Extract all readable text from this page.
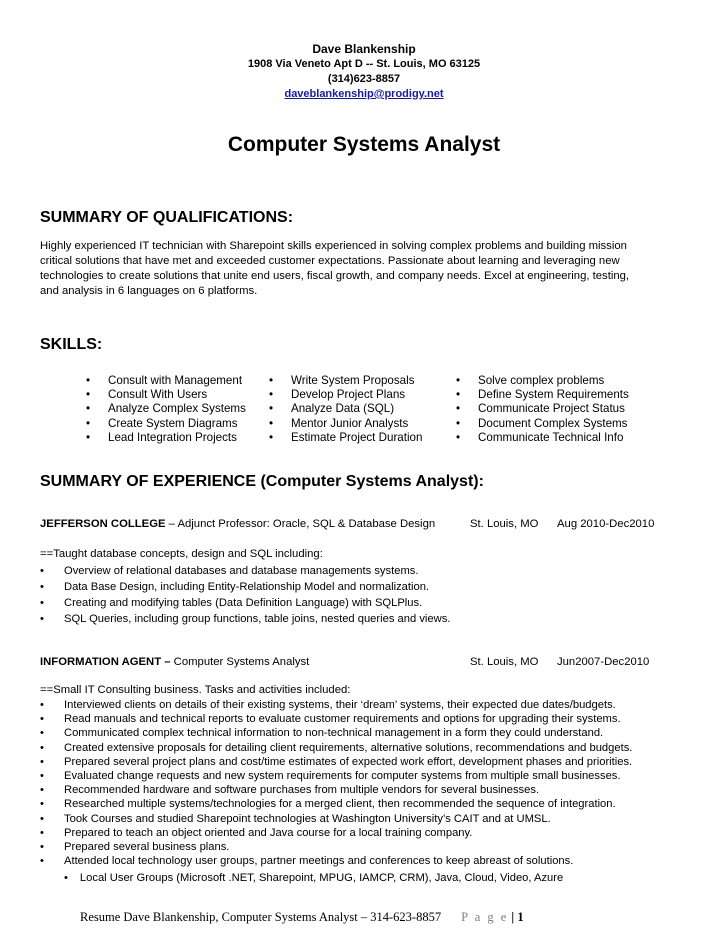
Dave Blankenship
1908 Via Veneto Apt D -- St. Louis, MO 63125
(314)623-8857
daveblankenship@prodigy.net
Computer Systems Analyst
SUMMARY OF QUALIFICATIONS:
Highly experienced IT technician with Sharepoint skills experienced in solving complex problems and building mission
critical solutions that have met and exceeded customer expectations. Passionate about learning and leveraging new
technologies to create solutions that unite end users, fiscal growth, and company needs. Excel at engineering, testing,
and analysis in 6 languages on 6 platforms.
SKILLS:
• Consult with Management
• Consult With Users
• Analyze Complex Systems
• Create System Diagrams
• Lead Integration Projects
• Write System Proposals
• Develop Project Plans
• Analyze Data (SQL)
• Mentor Junior Analysts
• Estimate Project Duration
• Solve complex problems
• Define System Requirements
• Communicate Project Status
• Document Complex Systems
• Communicate Technical Info
SUMMARY OF EXPERIENCE (Computer Systems Analyst):
JEFFERSON COLLEGE – Adjunct Professor: Oracle, SQL & Database Design	St. Louis, MO Aug 2010-Dec2010
==Taught database concepts, design and SQL including:
• Overview of relational databases and database managements systems.
• Data Base Design, including Entity-Relationship Model and normalization.
• Creating and modifying tables (Data Definition Language) with SQLPlus.
• SQL Queries, including group functions, table joins, nested queries and views.
INFORMATION AGENT – Computer Systems Analyst	St. Louis, MO Jun2007-Dec2010
==Small IT Consulting business. Tasks and activities included:
• Interviewed clients on details of their existing systems, their ‘dream’ systems, their expected due dates/budgets.
• Read manuals and technical reports to evaluate customer requirements and options for upgrading their systems.
• Communicated complex technical information to non-technical management in a form they could understand.
• Created extensive proposals for detailing client requirements, alternative solutions, recommendations and budgets.
• Prepared several project plans and cost/time estimates of expected work effort, development phases and priorities.
• Evaluated change requests and new system requirements for computer systems from multiple small businesses.
• Recommended hardware and software purchases from multiple vendors for several businesses.
• Researched multiple systems/technologies for a merged client, then recommended the sequence of integration.
• Took Courses and studied Sharepoint technologies at Washington University’s CAIT and at UMSL.
• Prepared to teach an object oriented and Java course for a local training company.
• Prepared several business plans.
• Attended local technology user groups, partner meetings and conferences to keep abreast of solutions.
• Local User Groups (Microsoft .NET, Sharepoint, MPUG, IAMCP, CRM), Java, Cloud, Video, Azure
Resume Dave Blankenship, Computer Systems Analyst – 314-623-8857 P a g e | 1
